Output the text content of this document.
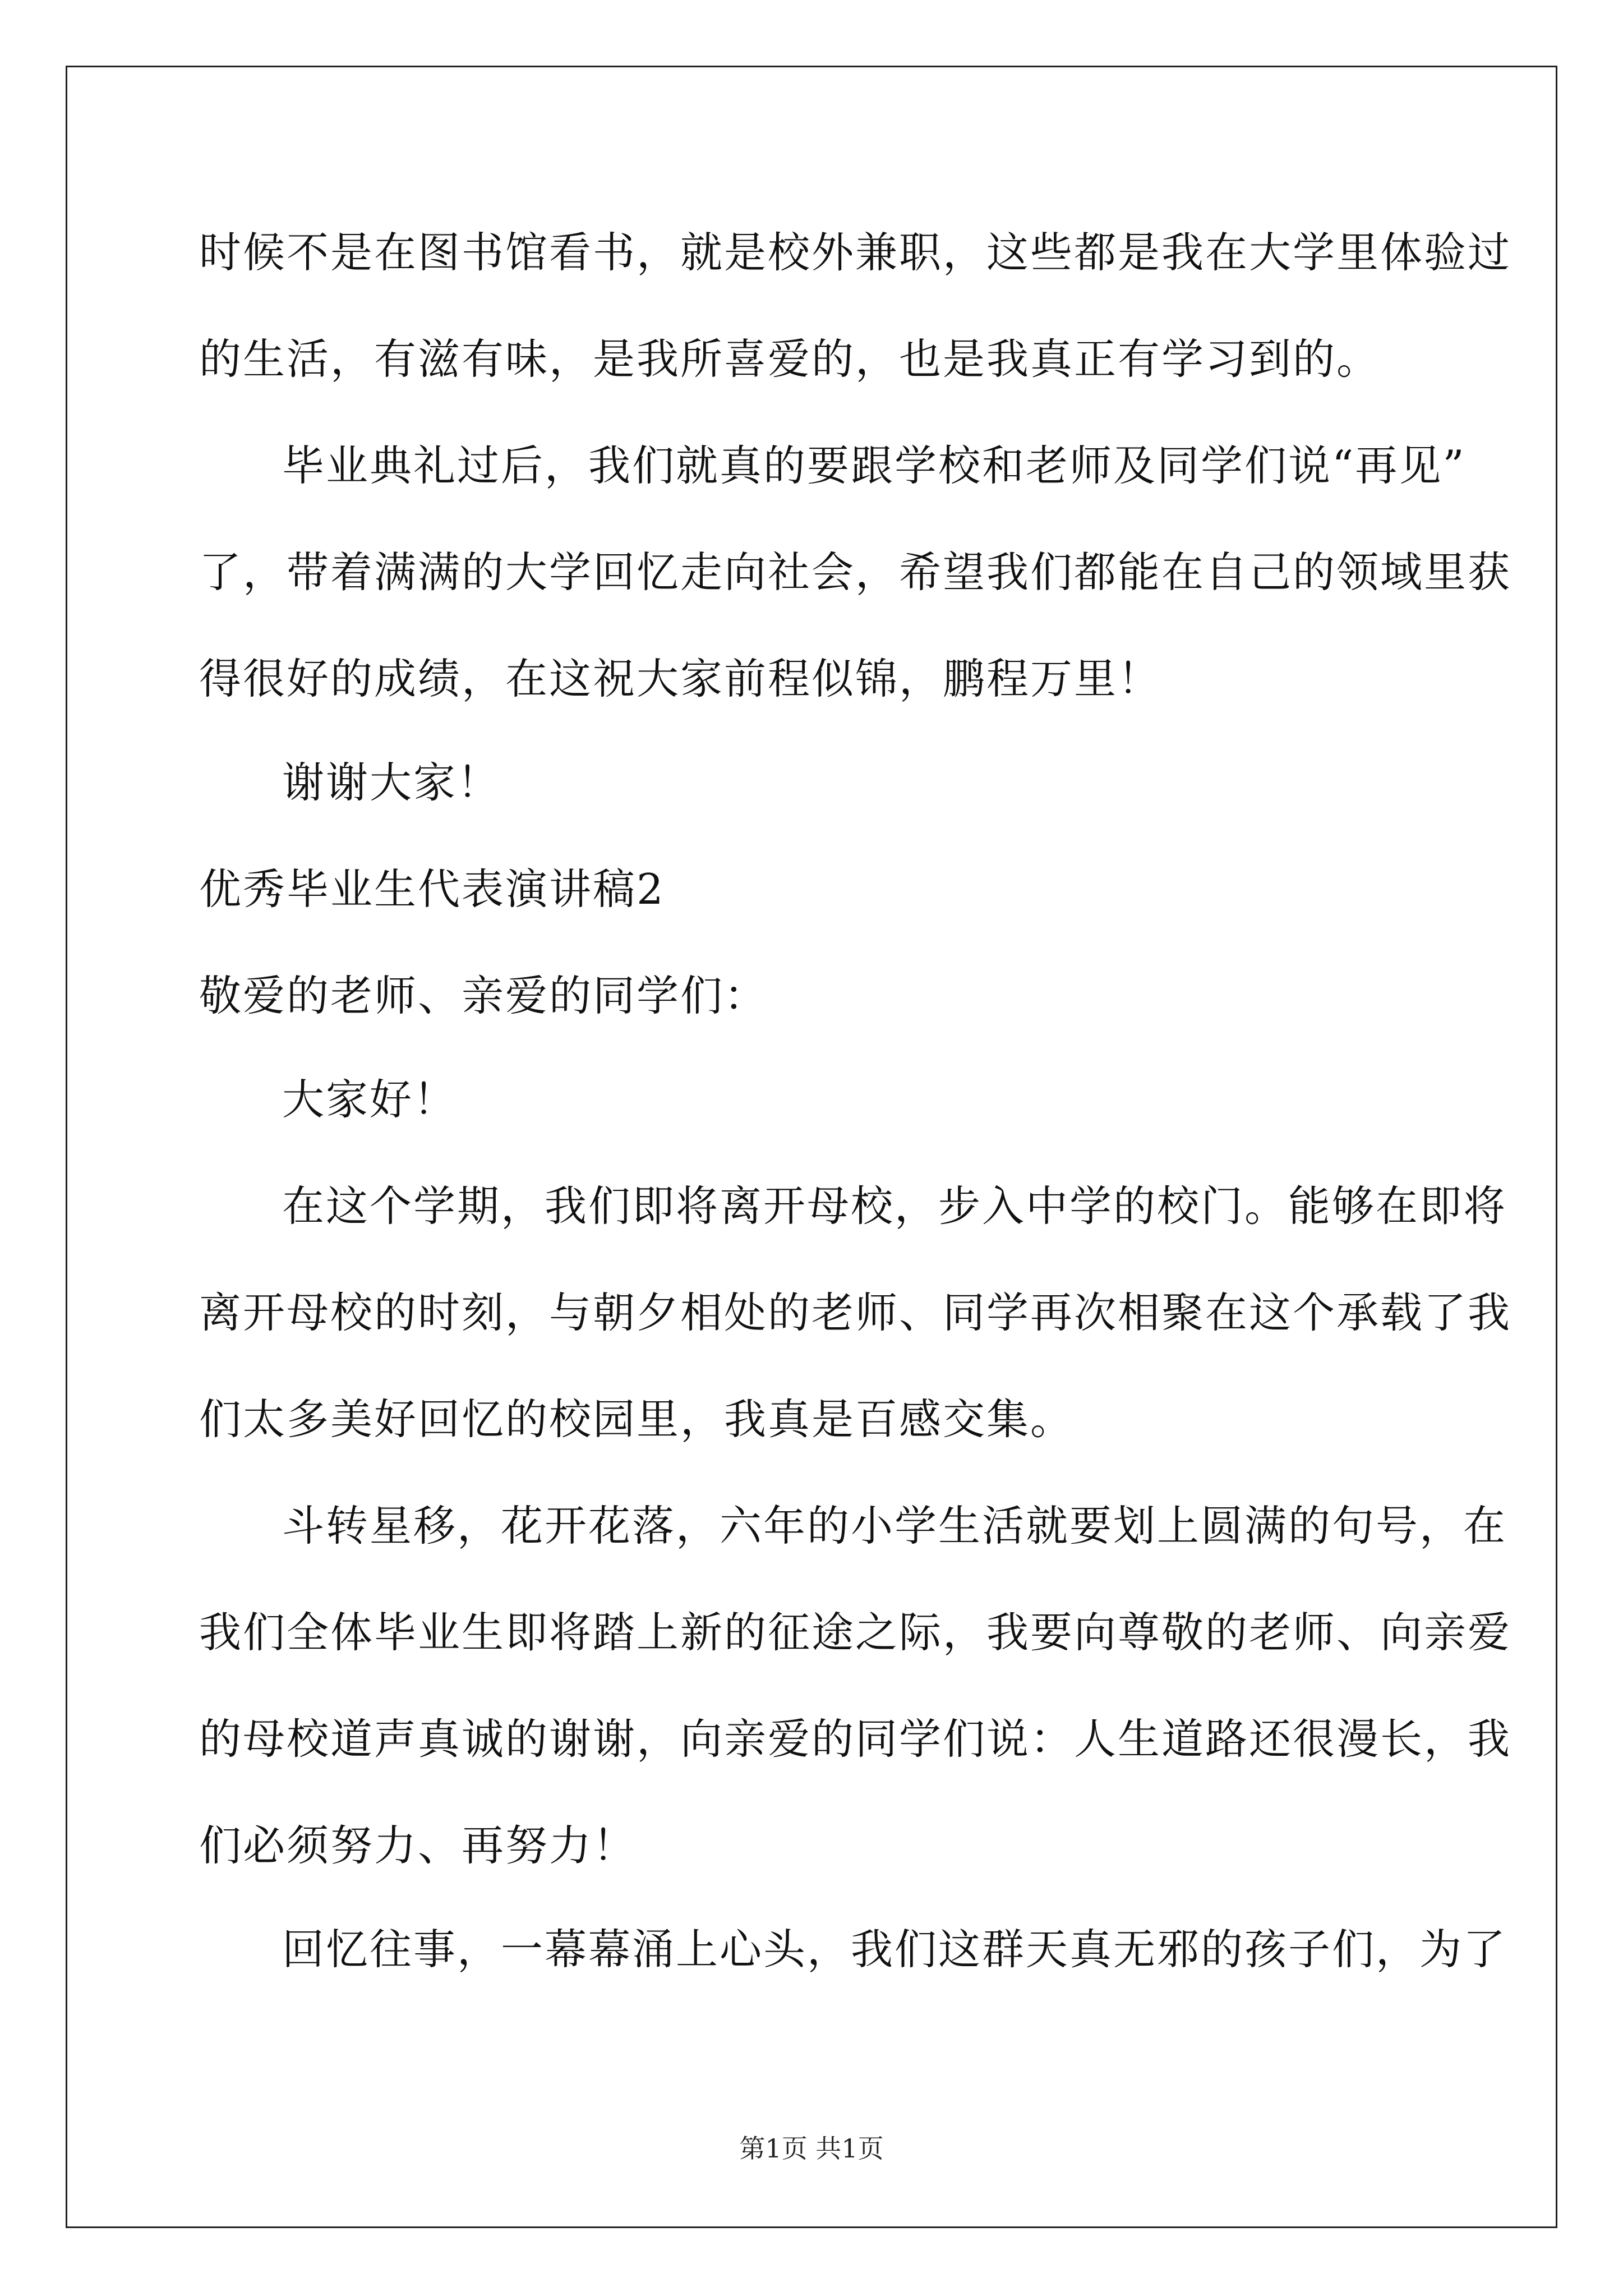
时候不是在图书馆看书，就是校外兼职，这些都是我在大学里体验过
的生活，有滋有味，是我所喜爱的，也是我真正有学习到的。
毕业典礼过后，我们就真的要跟学校和老师及同学们说“再见”
了，带着满满的大学回忆走向社会，希望我们都能在自己的领域里获
得很好的成绩，在这祝大家前程似锦，鹏程万里！
谢谢大家！
优秀毕业生代表演讲稿2
敬爱的老师、亲爱的同学们：
大家好！
在这个学期，我们即将离开母校，步入中学的校门。能够在即将
离开母校的时刻，与朝夕相处的老师、同学再次相聚在这个承载了我
们太多美好回忆的校园里，我真是百感交集。
斗转星移，花开花落，六年的小学生活就要划上圆满的句号，在
我们全体毕业生即将踏上新的征途之际，我要向尊敬的老师、向亲爱
的母校道声真诚的谢谢，向亲爱的同学们说：人生道路还很漫长，我
们必须努力、再努力！
回忆往事，一幕幕涌上心头，我们这群天真无邪的孩子们，为了
第1页 共1页
